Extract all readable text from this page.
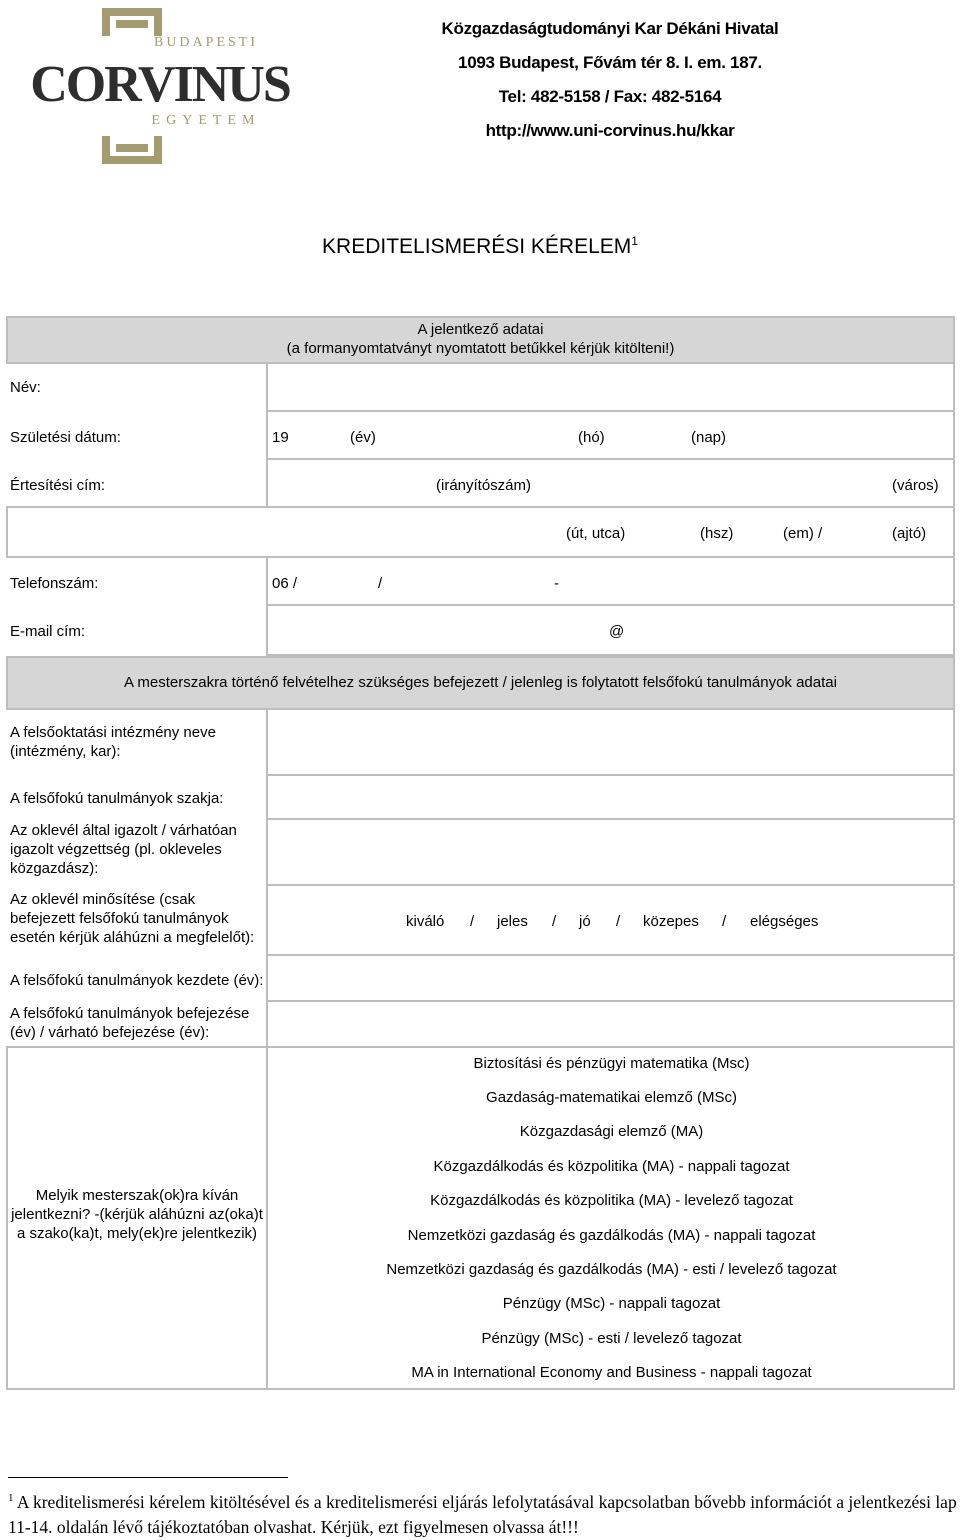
BUDAPESTI
CORVINUS
EGYETEM
Közgazdaságtudományi Kar Dékáni Hivatal
1093 Budapest, Fővám tér 8. I. em. 187.
Tel: 482-5158 / Fax: 482-5164
http://www.uni-corvinus.hu/kkar
KREDITELISMERÉSI KÉRELEM$^1$
A jelentkező adatai
(a formanyomtatványt nyomtatott betűkkel kérjük kitölteni!)
Név:
Születési dátum:	19	(év)	(hó)	(nap)
Értesítési cím:	(irányítószám)	(város)
(út, utca)	(hsz)	(em) /	(ajtó)
Telefonszám:	06 /	/	-
E-mail cím:	@
A mesterszakra történő felvételhez szükséges befejezett / jelenleg is folytatott felsőfokú tanulmányok adatai
A felsőoktatási intézmény neve (intézmény, kar):
A felsőfokú tanulmányok szakja:
Az oklevél által igazolt / várhatóan igazolt végzettség (pl. okleveles közgazdász):
Az oklevél minősítése (csak befejezett felsőfokú tanulmányok esetén kérjük aláhúzni a megfelelőt):
kiváló / jeles / jó / közepes / elégséges
A felsőfokú tanulmányok kezdete (év):
A felsőfokú tanulmányok befejezése (év) / várható befejezése (év):
Melyik mesterszak(ok)ra kíván jelentkezni? -(kérjük aláhúzni az(oka)t a szako(ka)t, mely(ek)re jelentkezik)
Biztosítási és pénzügyi matematika (Msc)
Gazdaság-matematikai elemző (MSc)
Közgazdasági elemző (MA)
Közgazdálkodás és közpolitika (MA) - nappali tagozat
Közgazdálkodás és közpolitika (MA) - levelező tagozat
Nemzetközi gazdaság és gazdálkodás (MA) - nappali tagozat
Nemzetközi gazdaság és gazdálkodás (MA) - esti / levelező tagozat
Pénzügy (MSc) - nappali tagozat
Pénzügy (MSc) - esti / levelező tagozat
MA in International Economy and Business - nappali tagozat
$^1$ A kreditelismerési kérelem kitöltésével és a kreditelismerési eljárás lefolytatásával kapcsolatban bővebb információt a jelentkezési lap 11-14. oldalán lévő tájékoztatóban olvashat. Kérjük, ezt figyelmesen olvassa át!!!
